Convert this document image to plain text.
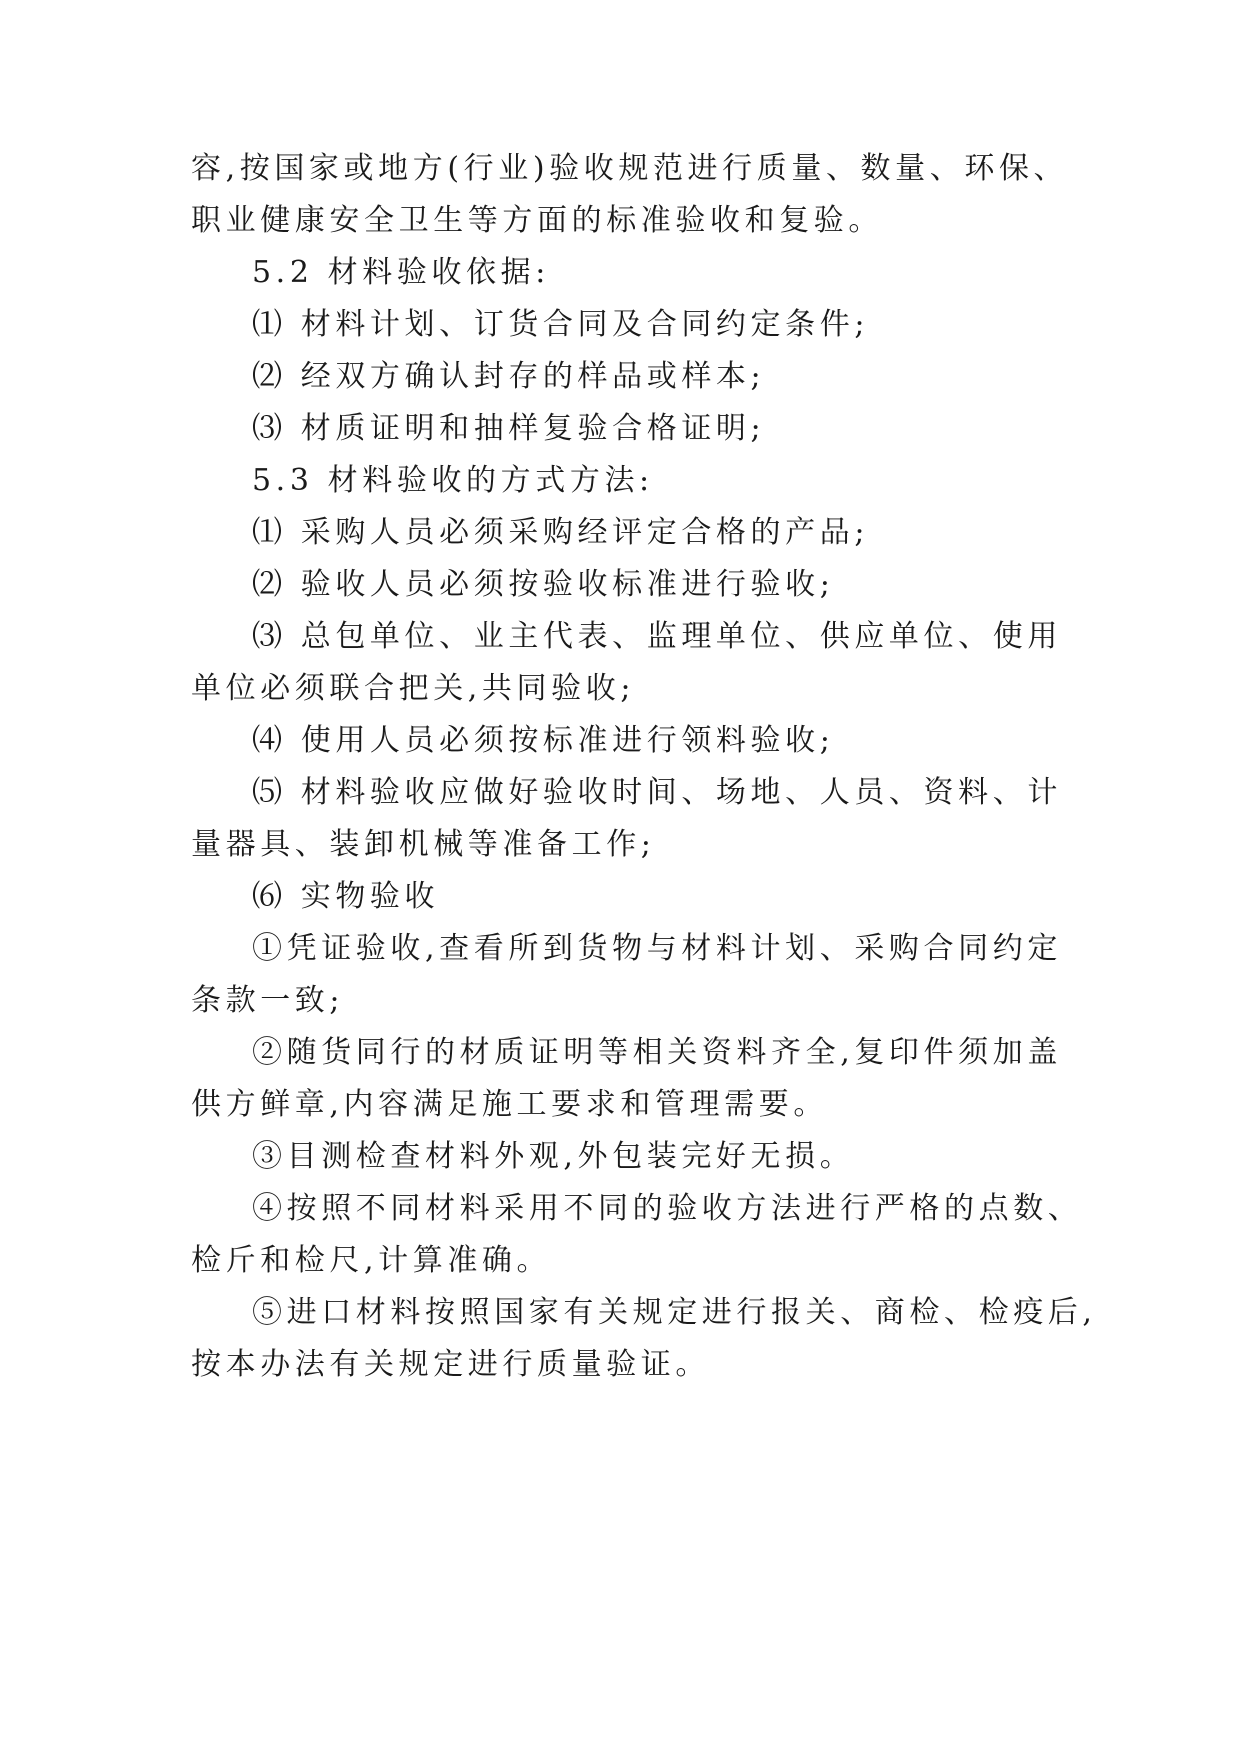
容,按国家或地方(行业)验收规范进行质量、数量、环保、
职业健康安全卫生等方面的标准验收和复验。
5.2 材料验收依据:
⑴ 材料计划、订货合同及合同约定条件;
⑵ 经双方确认封存的样品或样本;
⑶ 材质证明和抽样复验合格证明;
5.3 材料验收的方式方法:
⑴ 采购人员必须采购经评定合格的产品;
⑵ 验收人员必须按验收标准进行验收;
⑶ 总包单位、业主代表、监理单位、供应单位、使用
单位必须联合把关,共同验收;
⑷ 使用人员必须按标准进行领料验收;
⑸ 材料验收应做好验收时间、场地、人员、资料、计
量器具、装卸机械等准备工作;
⑹ 实物验收
①凭证验收,查看所到货物与材料计划、采购合同约定
条款一致;
②随货同行的材质证明等相关资料齐全,复印件须加盖
供方鲜章,内容满足施工要求和管理需要。
③目测检查材料外观,外包装完好无损。
④按照不同材料采用不同的验收方法进行严格的点数、
检斤和检尺,计算准确。
⑤进口材料按照国家有关规定进行报关、商检、检疫后,
按本办法有关规定进行质量验证。
